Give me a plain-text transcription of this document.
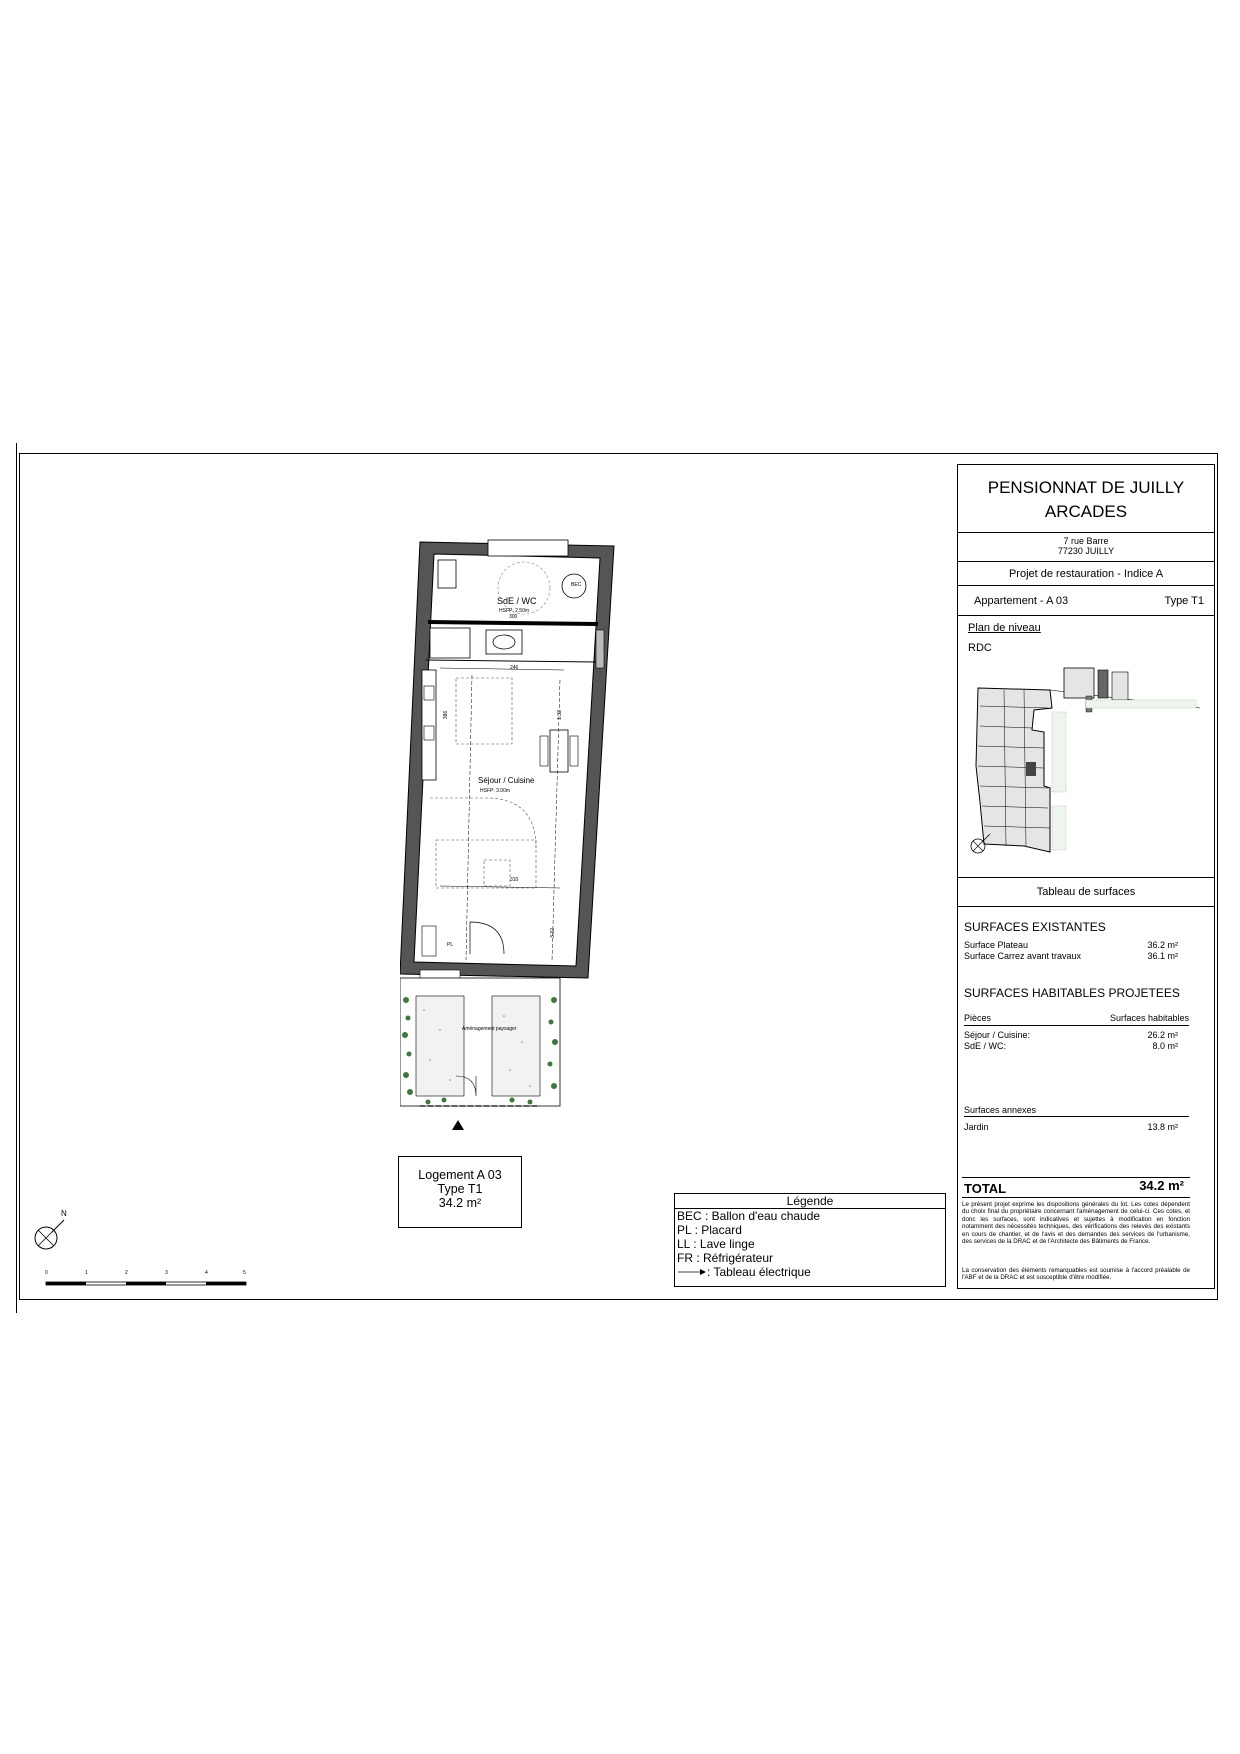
SdE / WC
HSFP: 2.50m
BEC
PL
Séjour / Cuisine
HSFP: 3.00m
Aménagement paysager
300
246
386	1.32
310
3.32
Logement A 03
Type T1
34.2 m²
N
0	1	2	3	4	5
Légende
BEC : Ballon d'eau chaude
PL : Placard
LL : Lave linge
FR : Réfrigérateur
: Tableau électrique
PENSIONNAT DE JUILLY
ARCADES
7 rue Barre
77230 JUILLY
Projet de restauration - Indice A
Appartement - A 03	Type T1
Plan de niveau
RDC
Tableau de surfaces
SURFACES EXISTANTES
Surface Plateau	36.2 m²
Surface Carrez avant travaux	36.1 m²
SURFACES HABITABLES PROJETEES
Pièces	Surfaces habitables
Séjour / Cuisine:	26.2 m²
SdE / WC:	8.0 m²
Surfaces annexes
Jardin	13.8 m²
TOTAL	34.2 m²
Le présent projet exprime les dispositions générales du lot. Les cotes dépendent du choix final du propriétaire concernant l'aménagement de celui-ci. Ces cotes, et donc les surfaces, sont indicatives et sujettes à modification en fonction notamment des nécessités techniques, des vérifications des relevés des existants en cours de chantier, et de l'avis et des demandes des services de l'urbanisme, des services de la DRAC et de l'Architecte des Bâtiments de France.
La conservation des éléments remarquables est soumise à l'accord préalable de l'ABF et de la DRAC et est susceptible d'être modifiée.
